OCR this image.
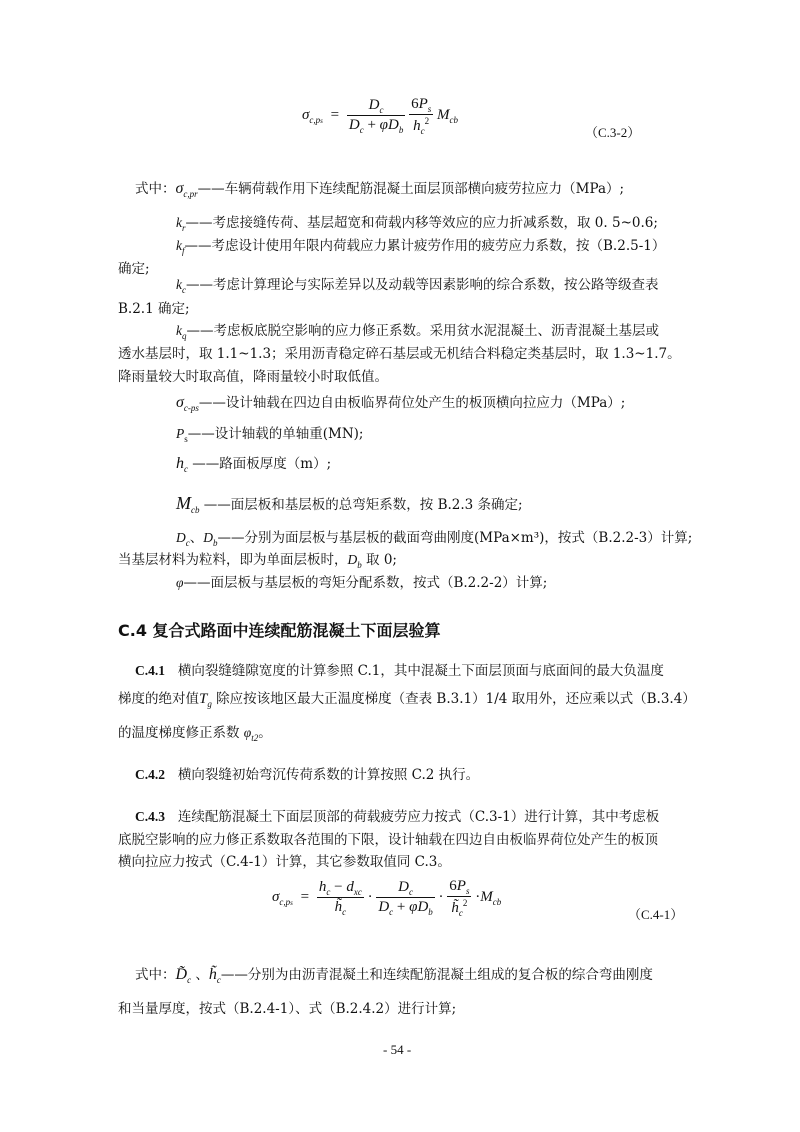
$\sigma_{c,ps} = \frac{D_c}{D_c + \varphi D_b}$
$\frac{6P_s}{h_c^2} M_{cb}$
（C.3-2）
式中：$\sigma_{c,pr}——$车辆荷载作用下连续配筋混凝土面层顶部横向疲劳拉应力（MPa）;
$k_r——$考虑接缝传荷、基层超宽和荷载内移等效应的应力折减系数，取 0. 5~0.6;
$k_f——$考虑设计使用年限内荷载应力累计疲劳作用的疲劳应力系数，按（B.2.5-1）
确定;
$k_c——$考虑计算理论与实际差异以及动载等因素影响的综合系数，按公路等级查表
B.2.1 确定;
$k_q——$考虑板底脱空影响的应力修正系数。采用贫水泥混凝土、沥青混凝土基层或
透水基层时，取 1.1~1.3；采用沥青稳定碎石基层或无机结合料稳定类基层时，取 1.3~1.7。
降雨量较大时取高值，降雨量较小时取低值。
$\sigma_{c-ps}——$设计轴载在四边自由板临界荷位处产生的板顶横向拉应力（MPa）;
$P_s——$设计轴载的单轴重(MN);
$h_c$ ——路面板厚度（m）;
$M_{cb}$ ——面层板和基层板的总弯矩系数，按 B.2.3 条确定;
$D_c$、$D_b——$分别为面层板与基层板的截面弯曲刚度(MPa×m³)，按式（B.2.2-3）计算;
当基层材料为粒料，即为单面层板时，$D_b$ 取 0;
φ——面层板与基层板的弯矩分配系数，按式（B.2.2-2）计算;
C.4 复合式路面中连续配筋混凝土下面层验算
C.4.1 横向裂缝缝隙宽度的计算参照 C.1，其中混凝土下面层顶面与底面间的最大负温度
梯度的绝对值$T_g$ 除应按该地区最大正温度梯度（查表 B.3.1）1/4 取用外，还应乘以式（B.3.4）
的温度梯度修正系数 $\varphi_{t2}$。
C.4.2 横向裂缝初始弯沉传荷系数的计算按照 C.2 执行。
C.4.3 连续配筋混凝土下面层顶部的荷载疲劳应力按式（C.3-1）进行计算，其中考虑板
底脱空影响的应力修正系数取各范围的下限，设计轴载在四边自由板临界荷位处产生的板顶
横向拉应力按式（C.4-1）计算，其它参数取值同 C.3。
$\sigma_{c,ps} = \frac{h_c - d_{xc}}{h̃_c} \cdot \frac{D_c}{D_c + \varphi D_b} \cdot \frac{6P_s}{h̃_c^2} \cdot M_{cb}$
（C.4-1）
式中：$D̃_c$ 、$h̃_c——$分别为由沥青混凝土和连续配筋混凝土组成的复合板的综合弯曲刚度
和当量厚度，按式（B.2.4-1）、式（B.2.4.2）进行计算;
- 54 -
